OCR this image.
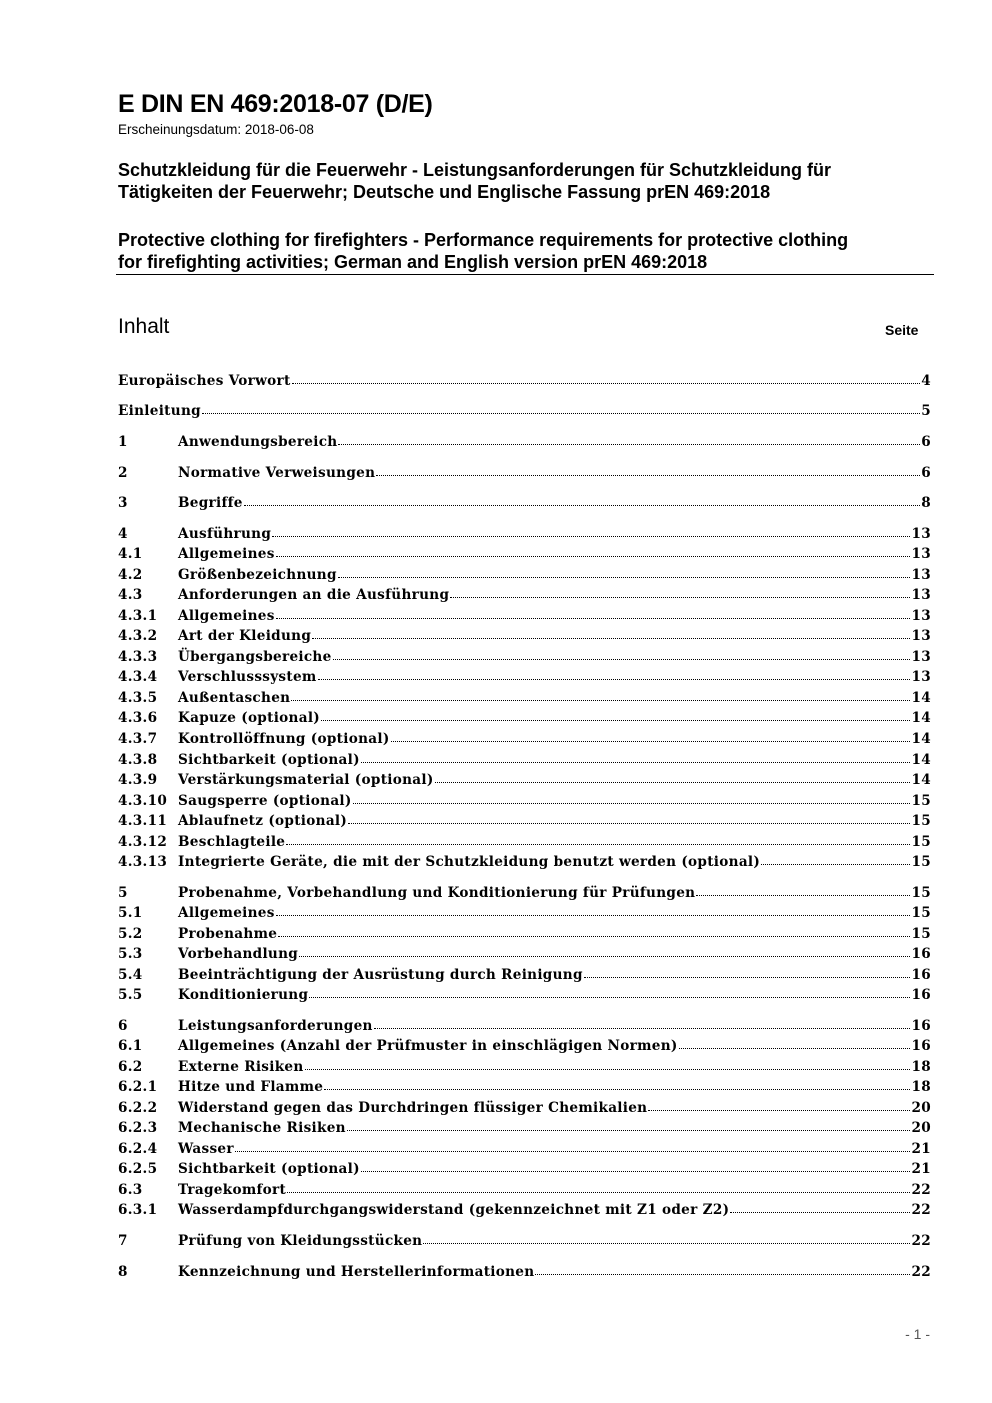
E DIN EN 469:2018-07 (D/E)
Erscheinungsdatum: 2018-06-08
Schutzkleidung für die Feuerwehr - Leistungsanforderungen für Schutzkleidung für
Tätigkeiten der Feuerwehr; Deutsche und Englische Fassung prEN 469:2018
Protective clothing for firefighters - Performance requirements for protective clothing
for firefighting activities; German and English version prEN 469:2018
Inhalt	Seite
Europäisches Vorwort	4
Einleitung	5
1	Anwendungsbereich	6
2	Normative Verweisungen	6
3	Begriffe	8
4	Ausführung	13
4.1	Allgemeines	13
4.2	Größenbezeichnung	13
4.3	Anforderungen an die Ausführung	13
4.3.1 Allgemeines	13
4.3.2 Art der Kleidung	13
4.3.3 Übergangsbereiche	13
4.3.4 Verschlusssystem	13
4.3.5 Außentaschen	14
4.3.6 Kapuze (optional)	14
4.3.7 Kontrollöffnung (optional)	14
4.3.8 Sichtbarkeit (optional)	14
4.3.9 Verstärkungsmaterial (optional)	14
4.3.10 Saugsperre (optional)	15
4.3.11 Ablaufnetz (optional)	15
4.3.12 Beschlagteile	15
4.3.13 Integrierte Geräte, die mit der Schutzkleidung benutzt werden (optional)	15
5	Probenahme, Vorbehandlung und Konditionierung für Prüfungen	15
5.1	Allgemeines	15
5.2	Probenahme	15
5.3	Vorbehandlung	16
5.4	Beeinträchtigung der Ausrüstung durch Reinigung	16
5.5	Konditionierung	16
6	Leistungsanforderungen	16
6.1	Allgemeines (Anzahl der Prüfmuster in einschlägigen Normen)	16
6.2	Externe Risiken	18
6.2.1 Hitze und Flamme	18
6.2.2 Widerstand gegen das Durchdringen flüssiger Chemikalien	20
6.2.3 Mechanische Risiken	20
6.2.4 Wasser	21
6.2.5 Sichtbarkeit (optional)	21
6.3	Tragekomfort	22
6.3.1 Wasserdampfdurchgangswiderstand (gekennzeichnet mit Z1 oder Z2)	22
7	Prüfung von Kleidungsstücken	22
8	Kennzeichnung und Herstellerinformationen	22
- 1 -
